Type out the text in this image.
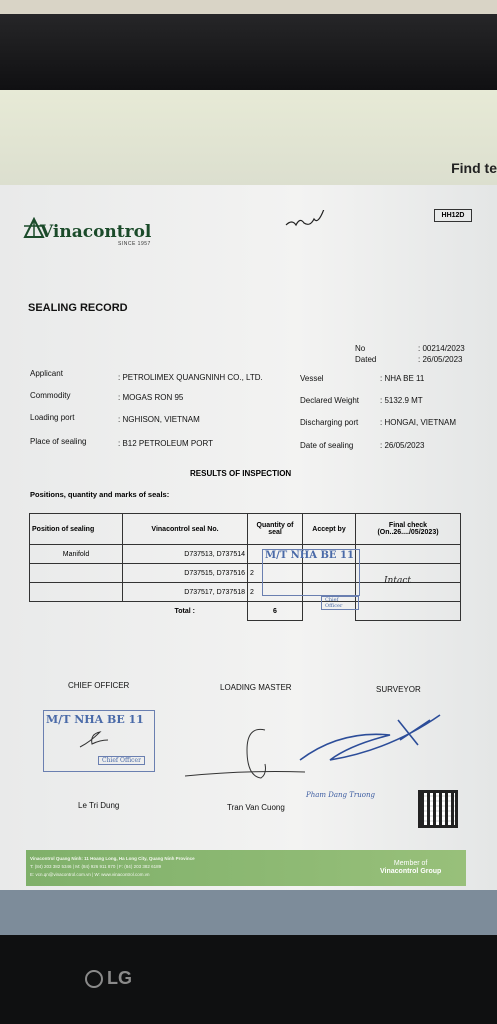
Find te
Vinacontrol
SINCE 1957
HH12D
SEALING RECORD
No	: 00214/2023
Dated	: 26/05/2023
Applicant	: PETROLIMEX QUANGNINH CO., LTD.
Commodity	: MOGAS RON 95
Loading port	: NGHISON, VIETNAM
Place of sealing	: B12 PETROLEUM PORT
Vessel	: NHA BE 11
Declared Weight	: 5132.9 MT
Discharging port	: HONGAI, VIETNAM
Date of sealing	: 26/05/2023
RESULTS OF INSPECTION
Positions, quantity and marks of seals:
Position of sealing	Vinacontrol seal No.	Quantity of seal	Accept by	Final check
(On..26..../05/2023)

Manifold	D737513, D737514			
	D737515, D737516	2		
	D737517, D737518	2		
	Total :	6		
M/T NHA BE 11
Chief Officer
Intact
CHIEF OFFICER	LOADING MASTER	SURVEYOR
M/T NHA BE 11
Chief Officer
Pham Dang Truong
Le Tri Dung	Tran Van Cuong
Vinacontrol Quang Ninh: 11 Hoang Long, Ha Long City, Quang Ninh Province
T: (84) 203 382 5346 | M: (84) 926 911 870 | F: (84) 203 382 6189
E: vcn.qn@vinacontrol.com.vn | W: www.vinacontrol.com.vn
Member of
Vinacontrol Group
LG
